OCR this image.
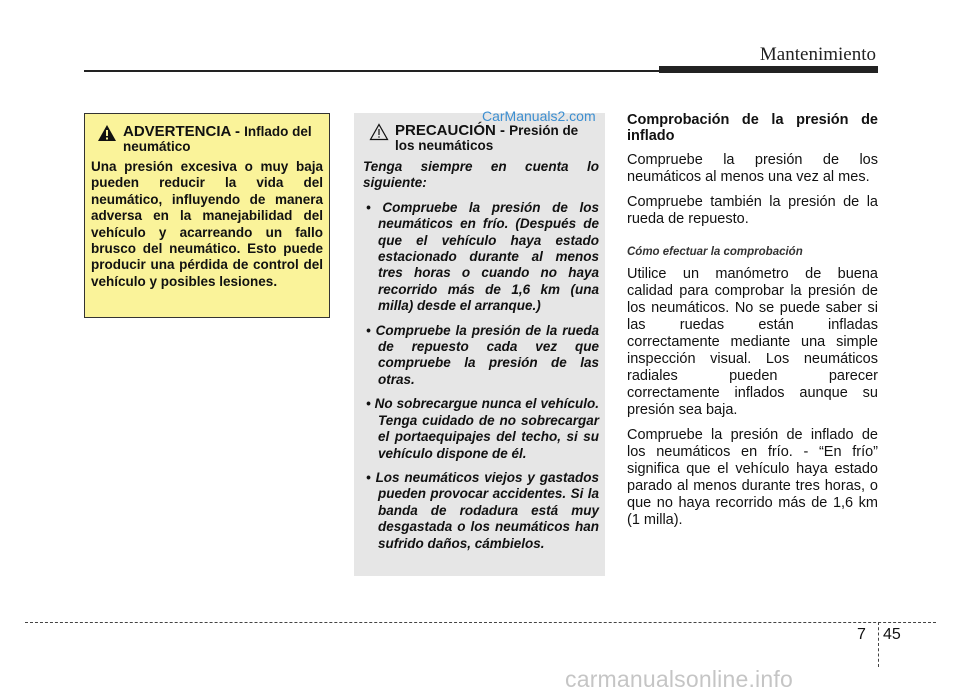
Mantenimiento
ADVERTENCIA - Inflado del neumático
Una presión excesiva o muy baja pueden reducir la vida del neumático, influyendo de manera adversa en la manejabilidad del vehículo y acarreando un fallo brusco del neumático. Esto puede producir una pérdida de control del vehículo y posibles lesiones.
PRECAUCIÓN - Presión de los neumáticos
Tenga siempre en cuenta lo siguiente:
• Compruebe la presión de los neumáticos en frío. (Después de que el vehículo haya estado estacionado durante al menos tres horas o cuando no haya recorrido más de 1,6 km (una milla) desde el arranque.)
• Compruebe la presión de la rueda de repuesto cada vez que compruebe la presión de las otras.
• No sobrecargue nunca el vehículo. Tenga cuidado de no sobrecargar el portaequipajes del techo, si su vehículo dispone de él.
• Los neumáticos viejos y gastados pueden provocar accidentes. Si la banda de rodadura está muy desgastada o los neumáticos han sufrido daños, cámbielos.
CarManuals2.com Comprobación de la presión de inflado

Compruebe la presión de los neumáticos al menos una vez al mes.

Compruebe también la presión de la rueda de repuesto.

Cómo efectuar la comprobación

Utilice un manómetro de buena calidad para comprobar la presión de los neumáticos. No se puede saber si las ruedas están infladas correctamente mediante una simple inspección visual. Los neumáticos radiales pueden parecer correctamente inflados aunque su presión sea baja.

Compruebe la presión de inflado de los neumáticos en frío. - “En frío” significa que el vehículo haya estado parado al menos durante tres horas, o que no haya recorrido más de 1,6 km (1 milla).

7 45
carmanualsonline.info
